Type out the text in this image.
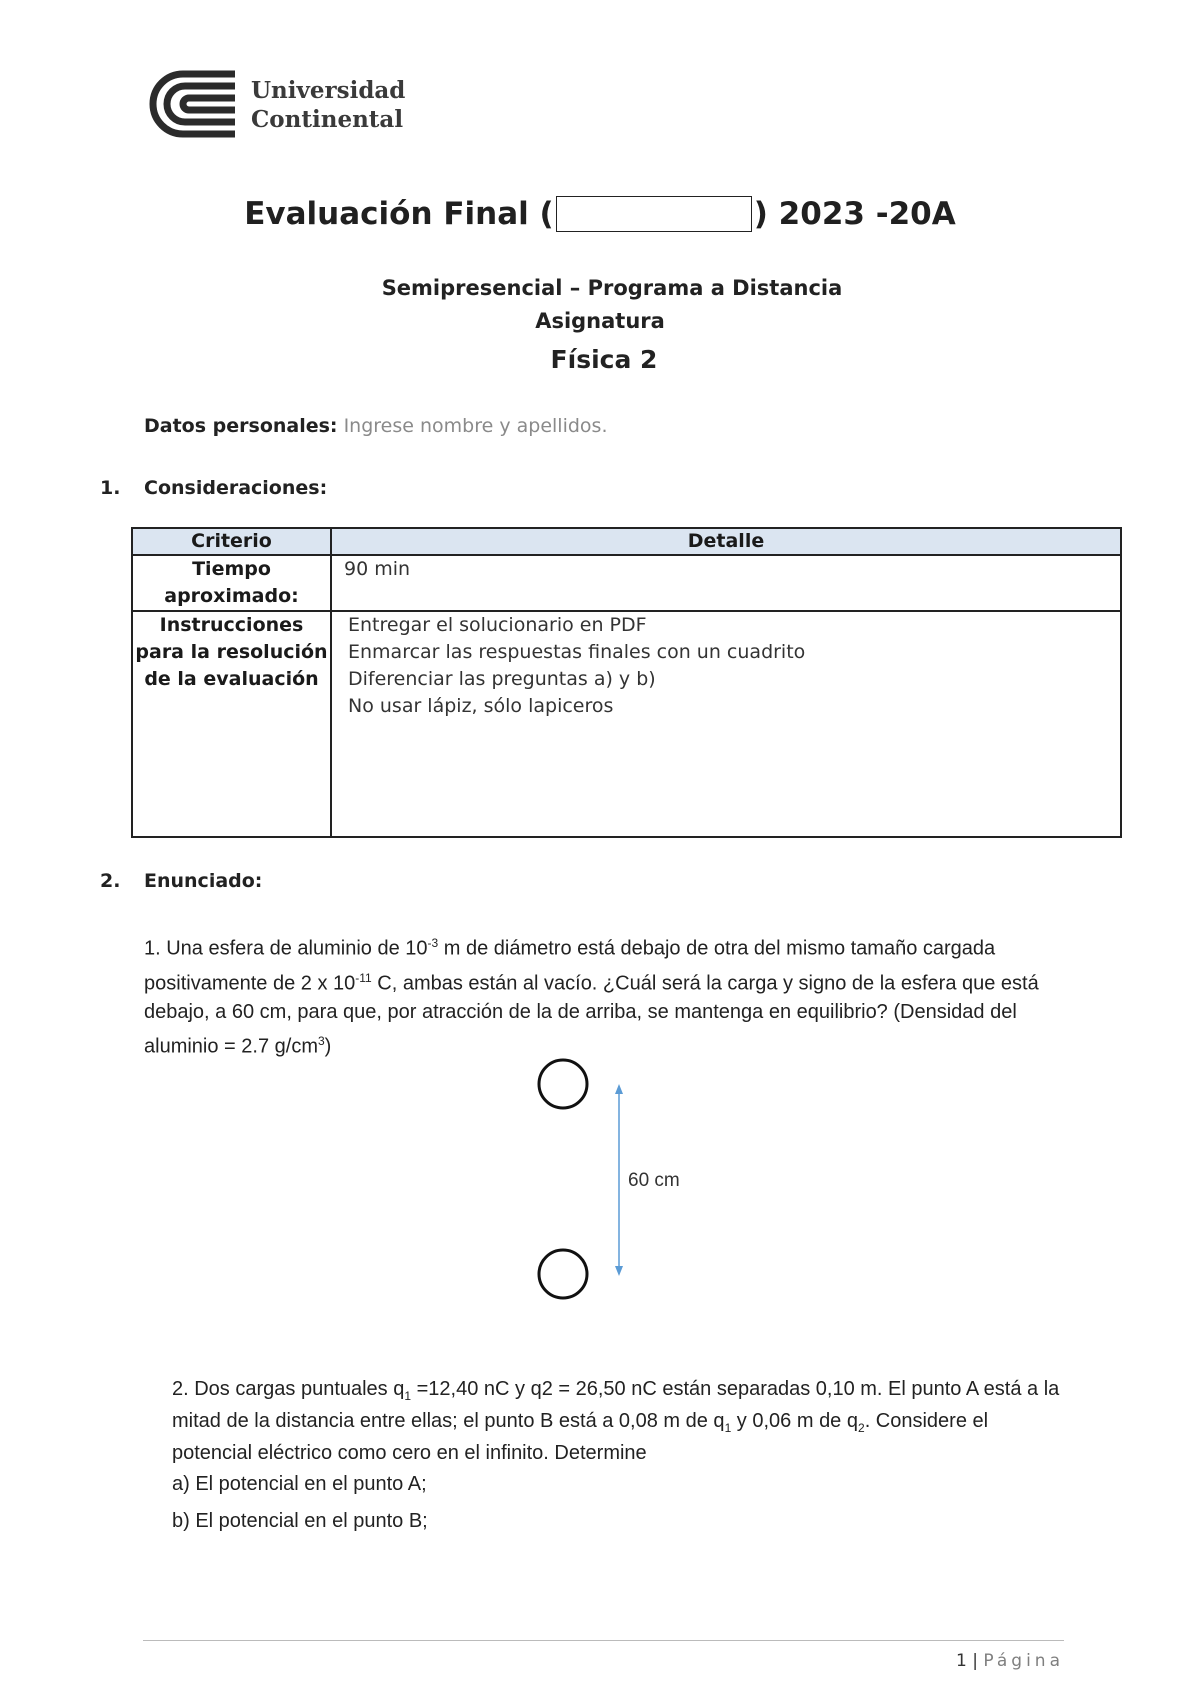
Universidad
Continental
Evaluación Final (	) 2023 -20A
Semipresencial – Programa a Distancia
Asignatura
Física 2
Datos personales: Ingrese nombre y apellidos.
1. Consideraciones:
Criterio	Detalle
Tiempo aproximado:	90 min

Instrucciones para la resolución de la evaluación	Entregar el solucionario en PDF
Enmarcar las respuestas finales con un cuadrito
Diferenciar las preguntas a) y b)
No usar lápiz, sólo lapiceros
2. Enunciado:
1. Una esfera de aluminio de $10^{-3}$ m de diámetro está debajo de otra del mismo tamaño cargada positivamente de 2 x $10^{-11}$ C, ambas están al vacío. ¿Cuál será la carga y signo de la esfera que está debajo, a 60 cm, para que, por atracción de la de arriba, se mantenga en equilibrio? (Densidad del aluminio = 2.7 $g/cm^3$)
60 cm
2. Dos cargas puntuales $q_1 =12,40$ nC y q2 = 26,50 nC están separadas 0,10 m. El punto A está a la mitad de la distancia entre ellas; el punto B está a 0,08 m de $q_1$ y 0,06 m de $q_2$. Considere el potencial eléctrico como cero en el infinito. Determine
a) El potencial en el punto A;
b) El potencial en el punto B;
1 | Página
